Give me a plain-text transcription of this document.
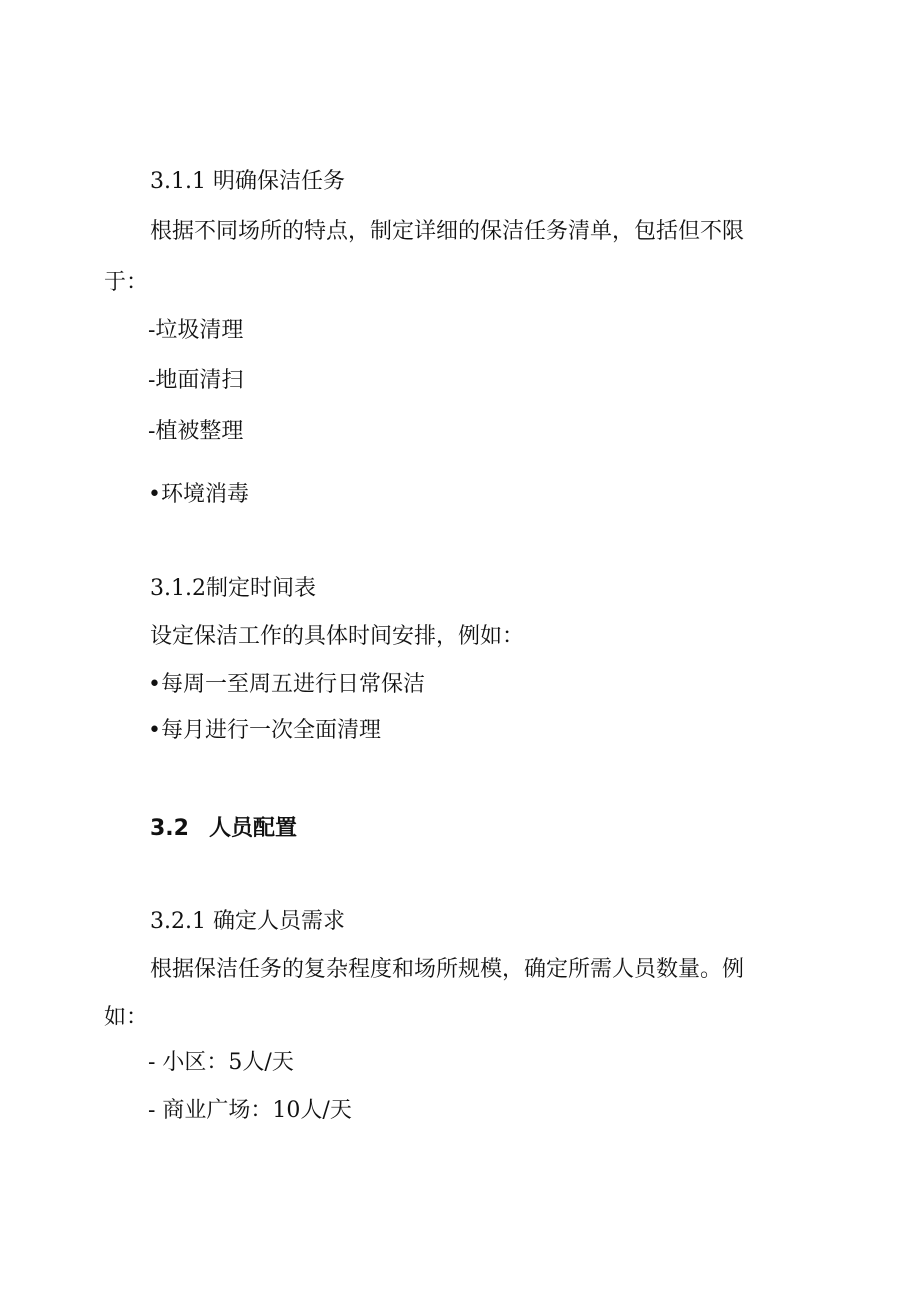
3.1.1 明确保洁任务
根据不同场所的特点，制定详细的保洁任务清单，包括但不限
于：
-垃圾清理
-地面清扫
-植被整理
•环境消毒
3.1.2制定时间表
设定保洁工作的具体时间安排，例如：
•每周一至周五进行日常保洁
•每月进行一次全面清理
3.2 人员配置
3.2.1 确定人员需求
根据保洁任务的复杂程度和场所规模，确定所需人员数量。例
如：
- 小区：5人/天
- 商业广场：10人/天
